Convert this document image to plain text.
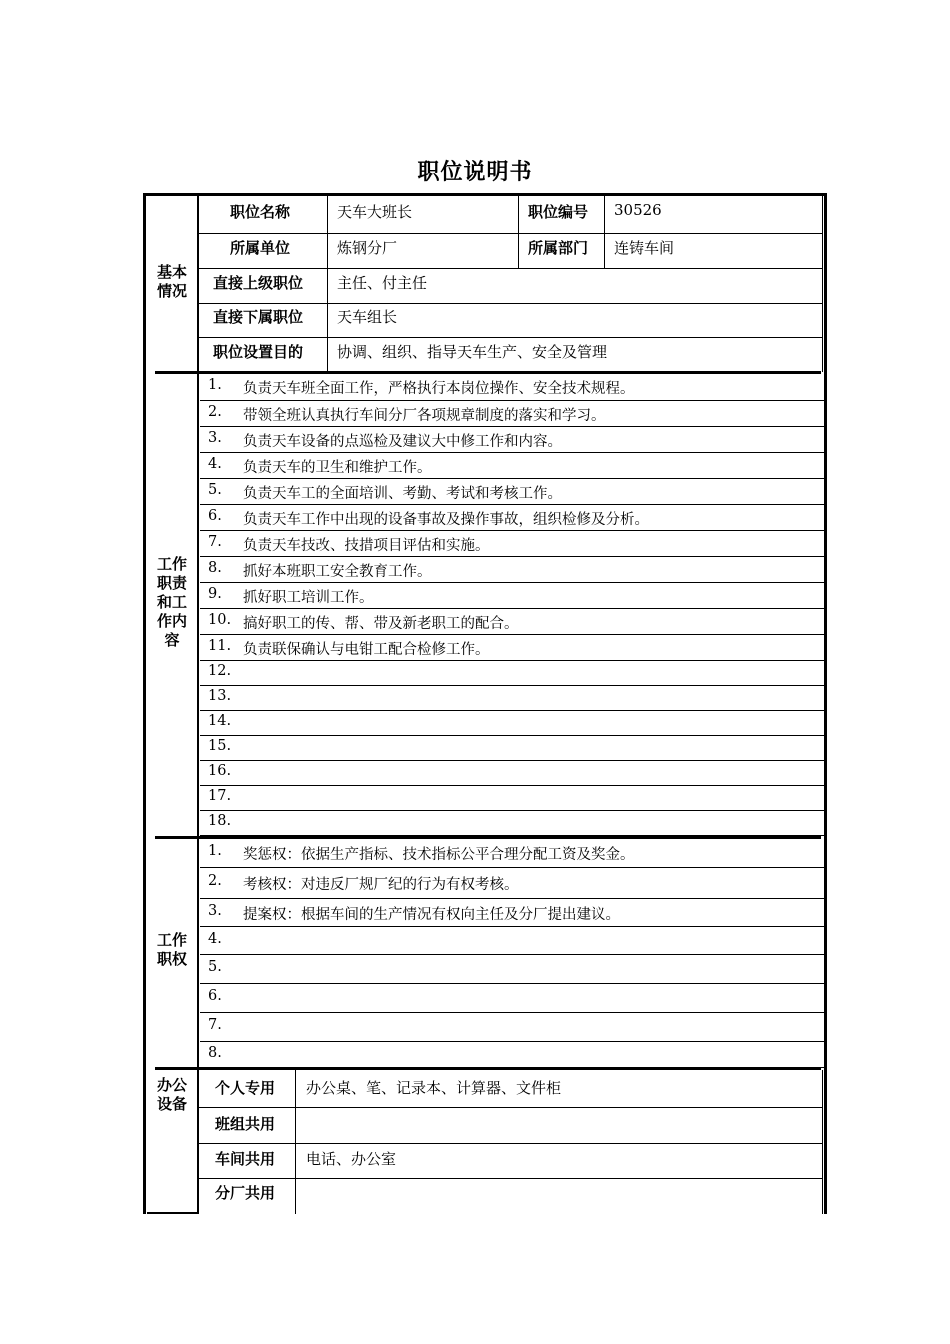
职位说明书
基本
情况
职位名称	天车大班长	职位编号 30526
所属单位	炼钢分厂	所属部门 连铸车间
直接上级职位 主任、付主任
直接下属职位 天车组长
职位设置目的 协调、组织、指导天车生产、安全及管理
工作
职责
和工
作内
容
1. 负责天车班全面工作，严格执行本岗位操作、安全技术规程。
2. 带领全班认真执行车间分厂各项规章制度的落实和学习。
3. 负责天车设备的点巡检及建议大中修工作和内容。
4. 负责天车的卫生和维护工作。
5. 负责天车工的全面培训、考勤、考试和考核工作。
6. 负责天车工作中出现的设备事故及操作事故，组织检修及分析。
7. 负责天车技改、技措项目评估和实施。
8. 抓好本班职工安全教育工作。
9. 抓好职工培训工作。
10. 搞好职工的传、帮、带及新老职工的配合。
11. 负责联保确认与电钳工配合检修工作。
12.
13.
14.
15.
16.
17.
18.
工作
职权
1. 奖惩权：依据生产指标、技术指标公平合理分配工资及奖金。
2. 考核权：对违反厂规厂纪的行为有权考核。
3. 提案权：根据车间的生产情况有权向主任及分厂提出建议。
4.
5.
6.
7.
8.
办公
设备
个人专用 办公桌、笔、记录本、计算器、文件柜
班组共用
车间共用 电话、办公室
分厂共用
